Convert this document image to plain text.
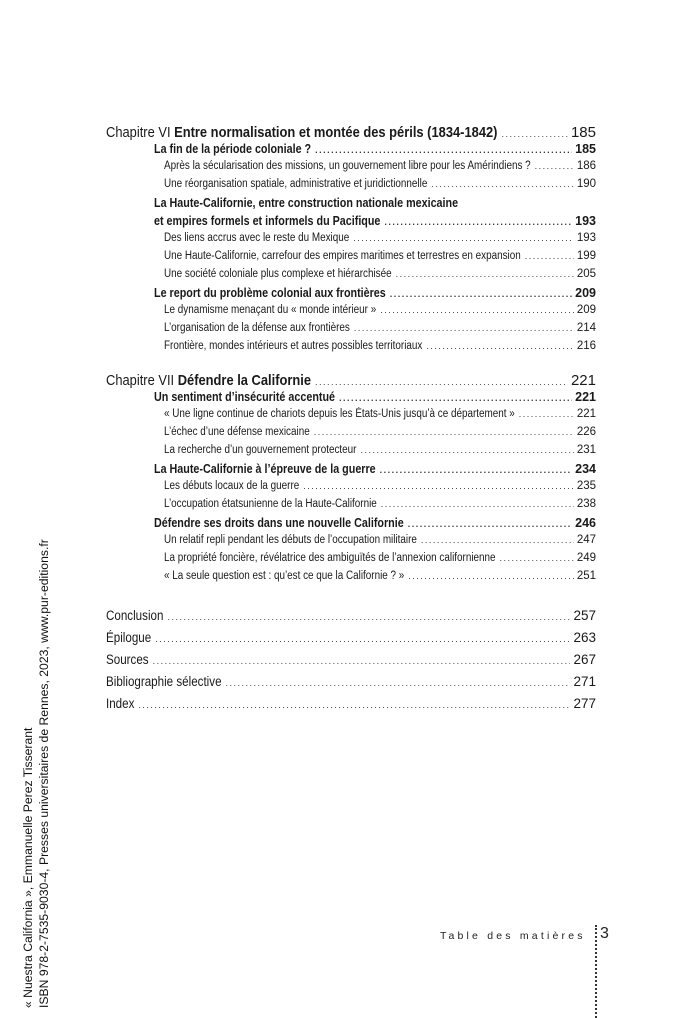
Chapitre VI Entre normalisation et montée des périls (1834-1842) .....	185
La fin de la période coloniale ? .....	185
Après la sécularisation des missions, un gouvernement libre pour les Amérindiens ? .....	186
Une réorganisation spatiale, administrative et juridictionnelle .....	190
La Haute-Californie, entre construction nationale mexicaine
et empires formels et informels du Pacifique .....	193
Des liens accrus avec le reste du Mexique .....	193
Une Haute-Californie, carrefour des empires maritimes et terrestres en expansion .....	199
Une société coloniale plus complexe et hiérarchisée .....	205
Le report du problème colonial aux frontières .....	209
Le dynamisme menaçant du « monde intérieur » .....	209
L’organisation de la défense aux frontières .....	214
Frontière, mondes intérieurs et autres possibles territoriaux .....	216
Chapitre VII Défendre la Californie .....	221
Un sentiment d’insécurité accentué .....	221
« Une ligne continue de chariots depuis les États-Unis jusqu’à ce département » .....	221
L’échec d’une défense mexicaine .....	226
La recherche d’un gouvernement protecteur .....	231
La Haute-Californie à l’épreuve de la guerre .....	234
Les débuts locaux de la guerre .....	235
L’occupation étatsunienne de la Haute-Californie .....	238
Défendre ses droits dans une nouvelle Californie .....	246
Un relatif repli pendant les débuts de l’occupation militaire .....	247
La propriété foncière, révélatrice des ambiguïtés de l’annexion californienne .....	249
« La seule question est : qu’est ce que la Californie ? » .....	251
Conclusion .....	257
Épilogue .....	263
Sources .....	267
Bibliographie sélective .....	271
Index .....	277
« Nuestra California », Emmanuelle Perez Tisserant ISBN 978-2-7535-9030-4, Presses universitaires de Rennes, 2023, www.pur-editions.fr	Table des matières 3
